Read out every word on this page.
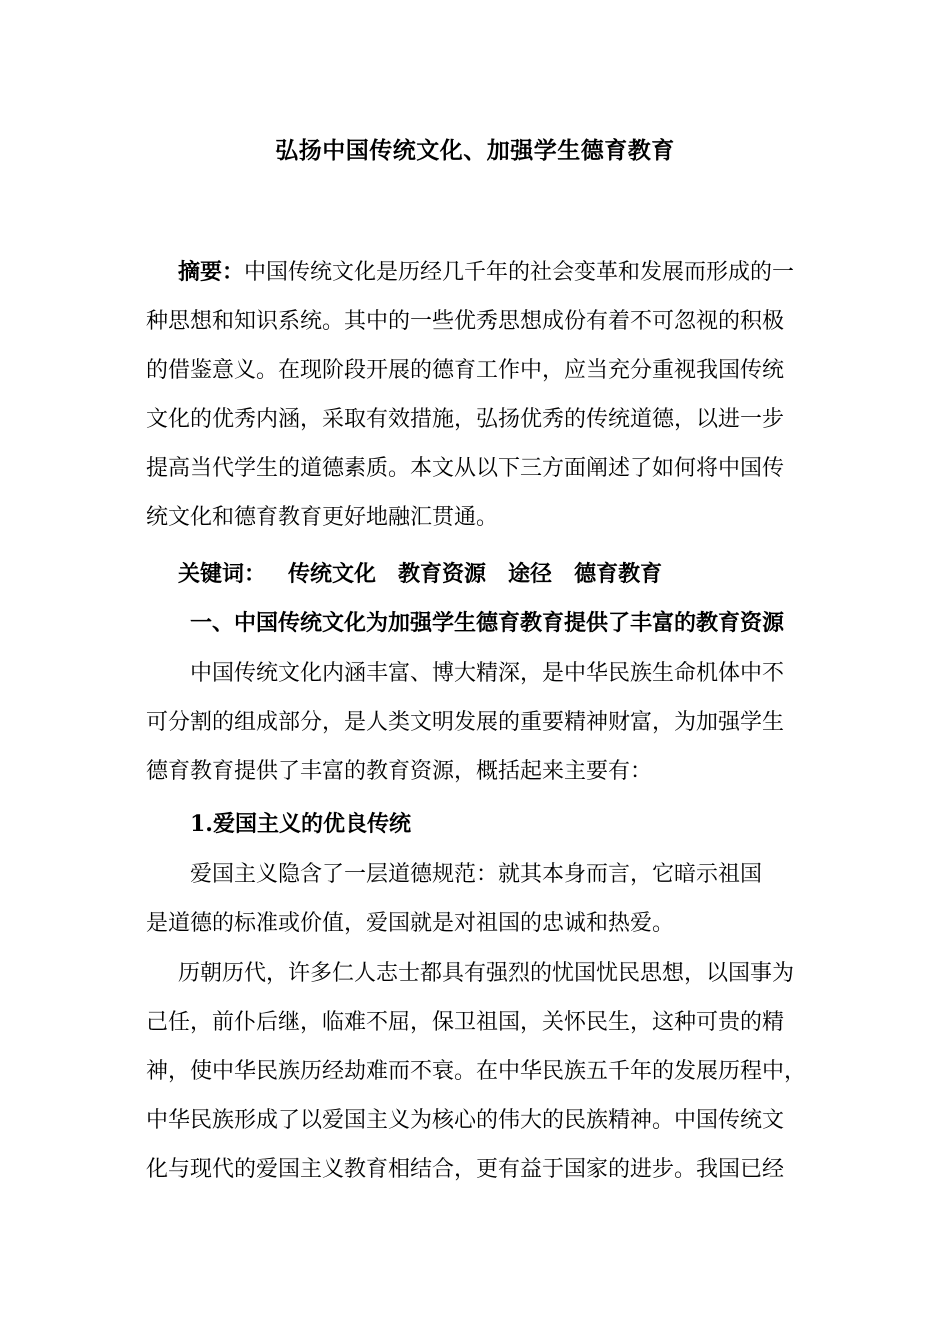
弘扬中国传统文化、加强学生德育教育
摘要：中国传统文化是历经几千年的社会变革和发展而形成的一
种思想和知识系统。其中的一些优秀思想成份有着不可忽视的积极
的借鉴意义。在现阶段开展的德育工作中，应当充分重视我国传统
文化的优秀内涵，采取有效措施，弘扬优秀的传统道德，以进一步
提高当代学生的道德素质。本文从以下三方面阐述了如何将中国传
统文化和德育教育更好地融汇贯通。
关键词： 传统文化 教育资源 途径 德育教育
一、中国传统文化为加强学生德育教育提供了丰富的教育资源
中国传统文化内涵丰富、博大精深，是中华民族生命机体中不
可分割的组成部分，是人类文明发展的重要精神财富，为加强学生
德育教育提供了丰富的教育资源，概括起来主要有：
1.爱国主义的优良传统
爱国主义隐含了一层道德规范：就其本身而言，它暗示祖国
是道德的标准或价值，爱国就是对祖国的忠诚和热爱。
历朝历代，许多仁人志士都具有强烈的忧国忧民思想，以国事为
己任，前仆后继，临难不屈，保卫祖国，关怀民生，这种可贵的精
神，使中华民族历经劫难而不衰。在中华民族五千年的发展历程中，
中华民族形成了以爱国主义为核心的伟大的民族精神。中国传统文
化与现代的爱国主义教育相结合，更有益于国家的进步。我国已经
